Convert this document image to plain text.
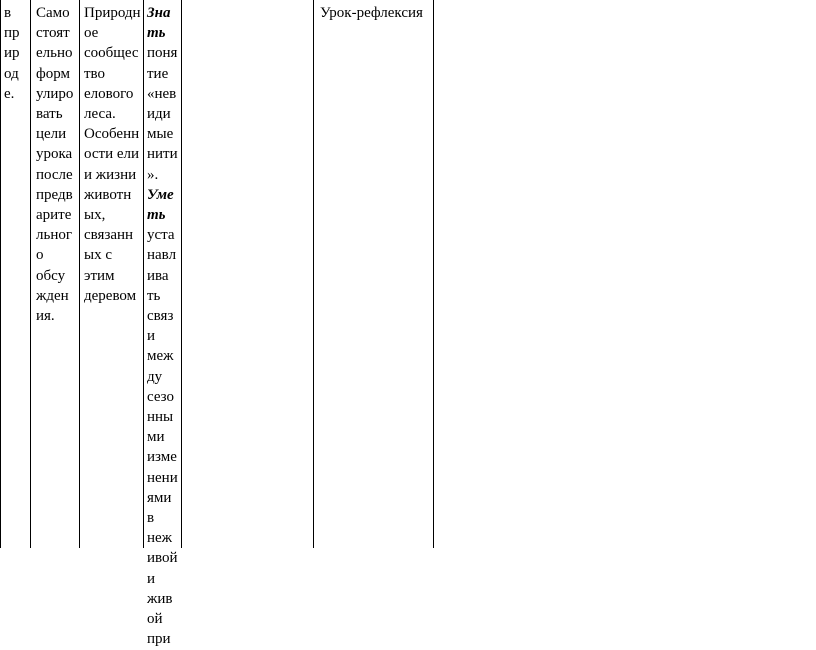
в
пр
ир
од
е.
Само
стоят
ельно
форм
улиро
вать
цели
урока
после
предв
арите
льног
о
обсу
жден
ия.
Природн
ое
сообщес
тво
елового
леса.
Особенн
ости ели
и жизни
животн
ых,
связанн
ых с
этим
деревом
Зна
ть
поня
тие
«нев
иди
мые
нити
».
Уме
ть
уста
навл
ива
ть
связ
и
меж
ду
сезо
нны
ми
изме
нени
ями
в
неж
ивой
и
жив
ой
при
Урок-рефлексия
